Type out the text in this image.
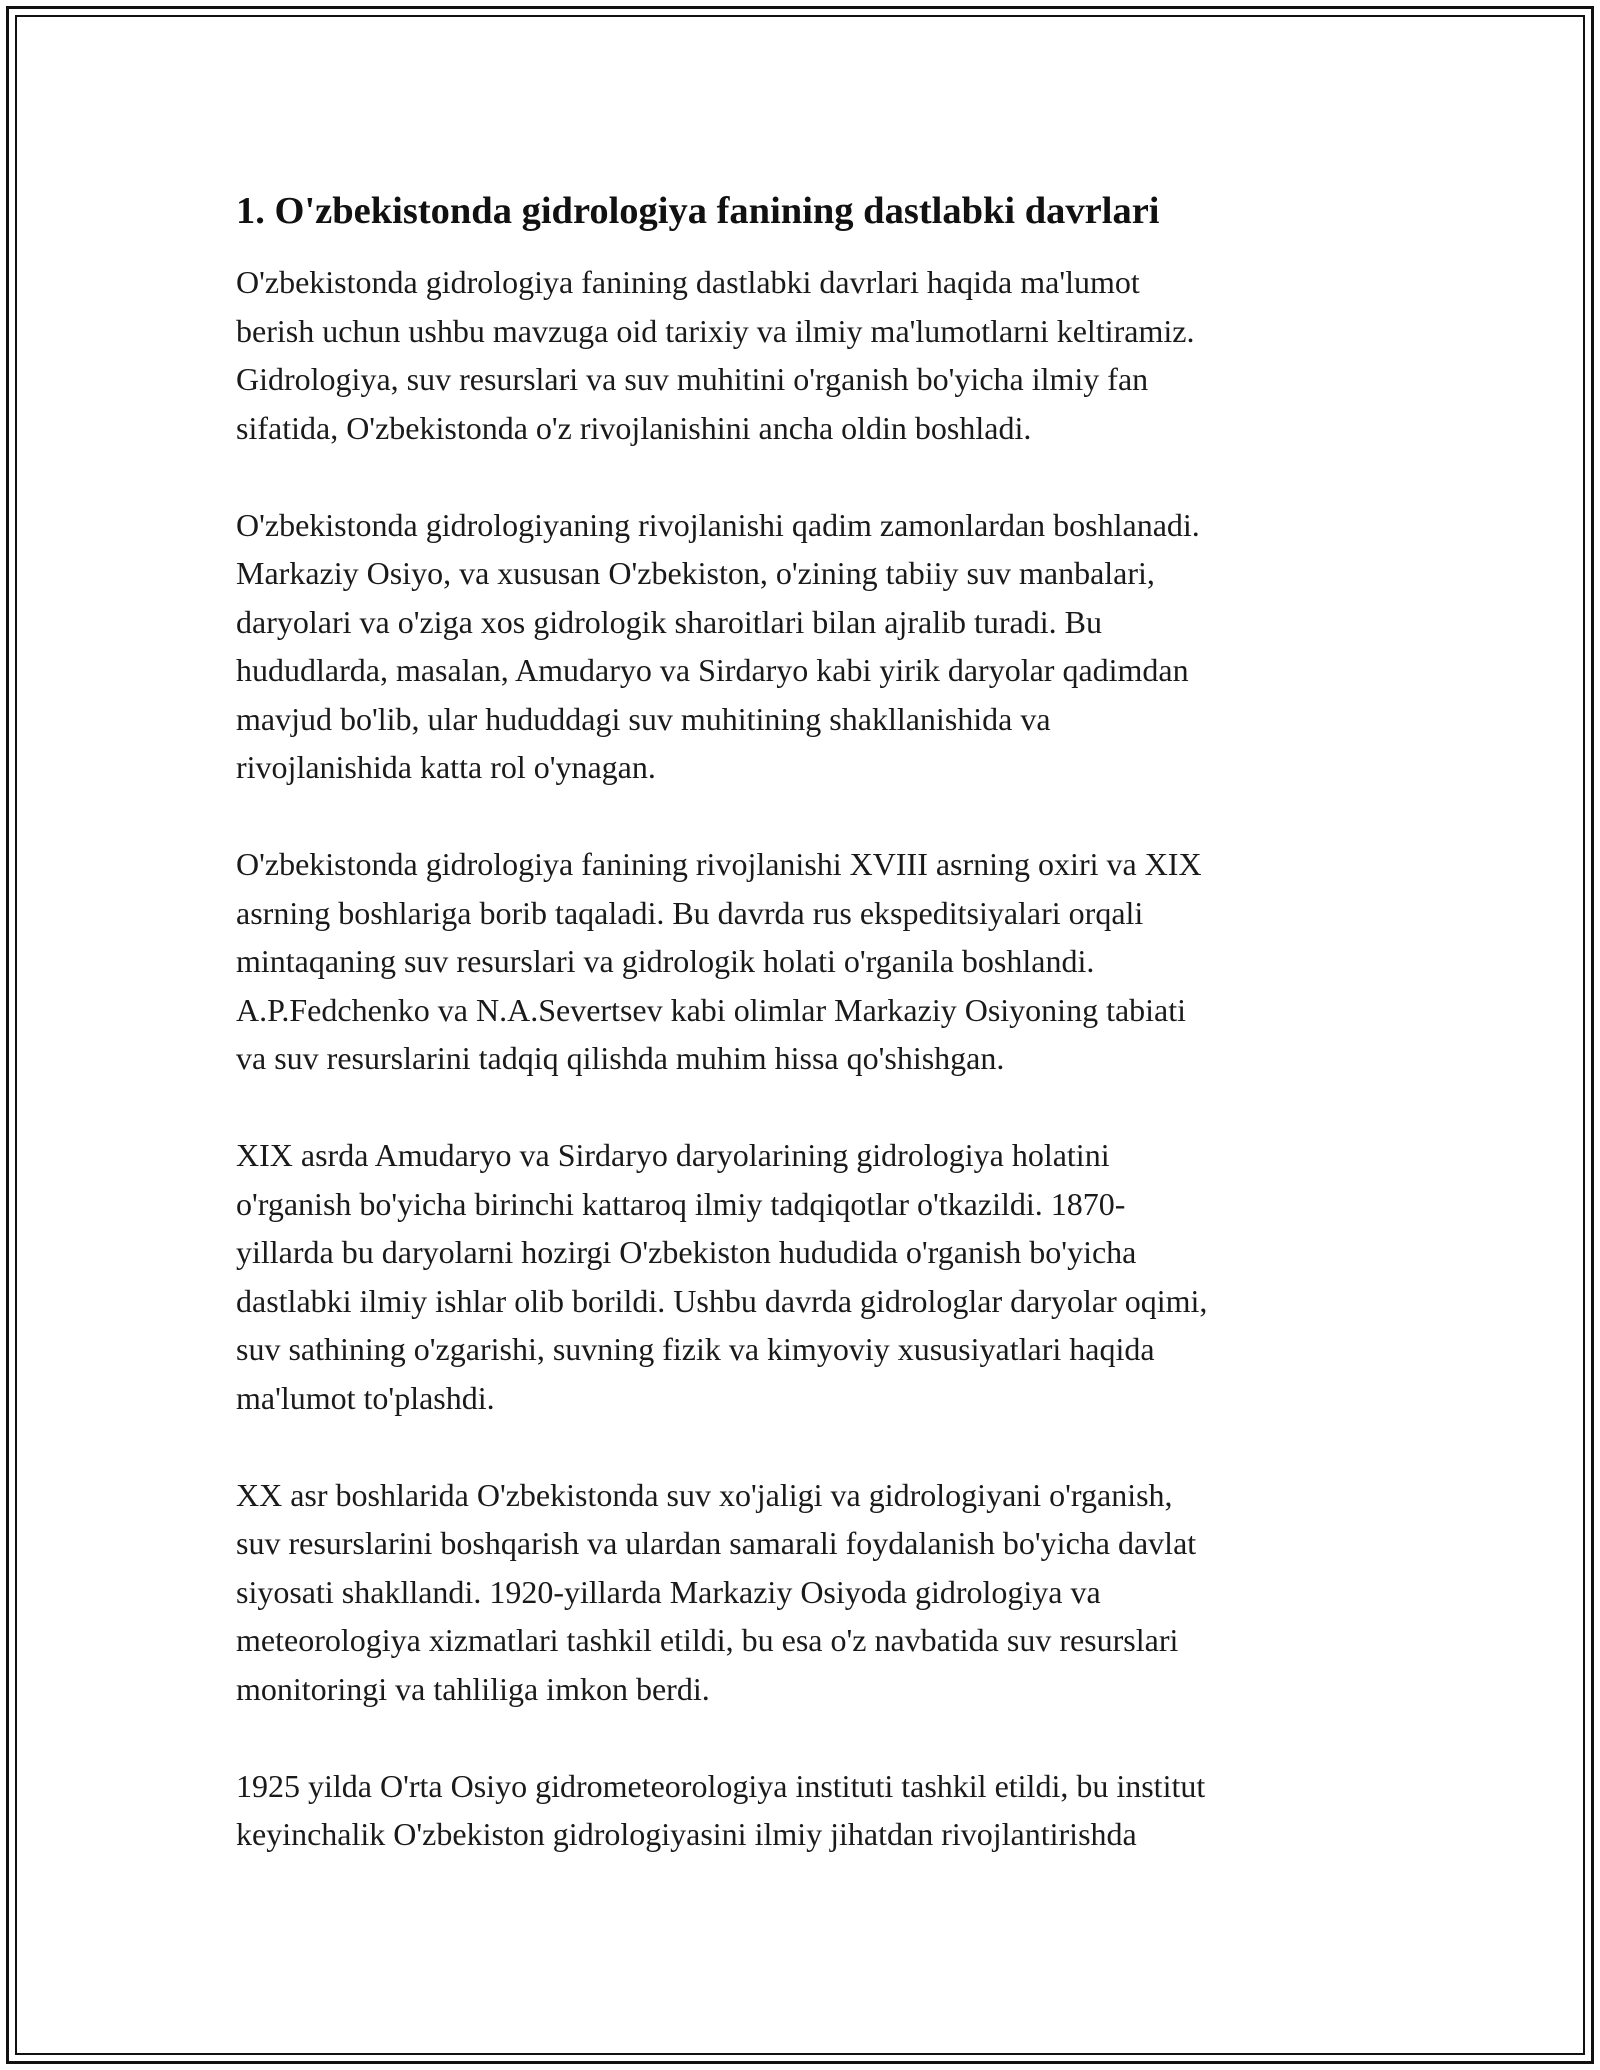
1. O'zbekistonda gidrologiya fanining dastlabki davrlari

O'zbekistonda gidrologiya fanining dastlabki davrlari haqida ma'lumot
berish uchun ushbu mavzuga oid tarixiy va ilmiy ma'lumotlarni keltiramiz.
Gidrologiya, suv resurslari va suv muhitini o'rganish bo'yicha ilmiy fan
sifatida, O'zbekistonda o'z rivojlanishini ancha oldin boshladi.

O'zbekistonda gidrologiyaning rivojlanishi qadim zamonlardan boshlanadi.
Markaziy Osiyo, va xususan O'zbekiston, o'zining tabiiy suv manbalari,
daryolari va o'ziga xos gidrologik sharoitlari bilan ajralib turadi. Bu
hududlarda, masalan, Amudaryo va Sirdaryo kabi yirik daryolar qadimdan
mavjud bo'lib, ular hududdagi suv muhitining shakllanishida va
rivojlanishida katta rol o'ynagan.

O'zbekistonda gidrologiya fanining rivojlanishi XVIII asrning oxiri va XIX
asrning boshlariga borib taqaladi. Bu davrda rus ekspeditsiyalari orqali
mintaqaning suv resurslari va gidrologik holati o'rganila boshlandi.
A.P.Fedchenko va N.A.Severtsev kabi olimlar Markaziy Osiyoning tabiati
va suv resurslarini tadqiq qilishda muhim hissa qo'shishgan.

XIX asrda Amudaryo va Sirdaryo daryolarining gidrologiya holatini
o'rganish bo'yicha birinchi kattaroq ilmiy tadqiqotlar o'tkazildi. 1870-
yillarda bu daryolarni hozirgi O'zbekiston hududida o'rganish bo'yicha
dastlabki ilmiy ishlar olib borildi. Ushbu davrda gidrologlar daryolar oqimi,
suv sathining o'zgarishi, suvning fizik va kimyoviy xususiyatlari haqida
ma'lumot to'plashdi.

XX asr boshlarida O'zbekistonda suv xo'jaligi va gidrologiyani o'rganish,
suv resurslarini boshqarish va ulardan samarali foydalanish bo'yicha davlat
siyosati shakllandi. 1920-yillarda Markaziy Osiyoda gidrologiya va
meteorologiya xizmatlari tashkil etildi, bu esa o'z navbatida suv resurslari
monitoringi va tahliliga imkon berdi.

1925 yilda O'rta Osiyo gidrometeorologiya instituti tashkil etildi, bu institut
keyinchalik O'zbekiston gidrologiyasini ilmiy jihatdan rivojlantirishda
